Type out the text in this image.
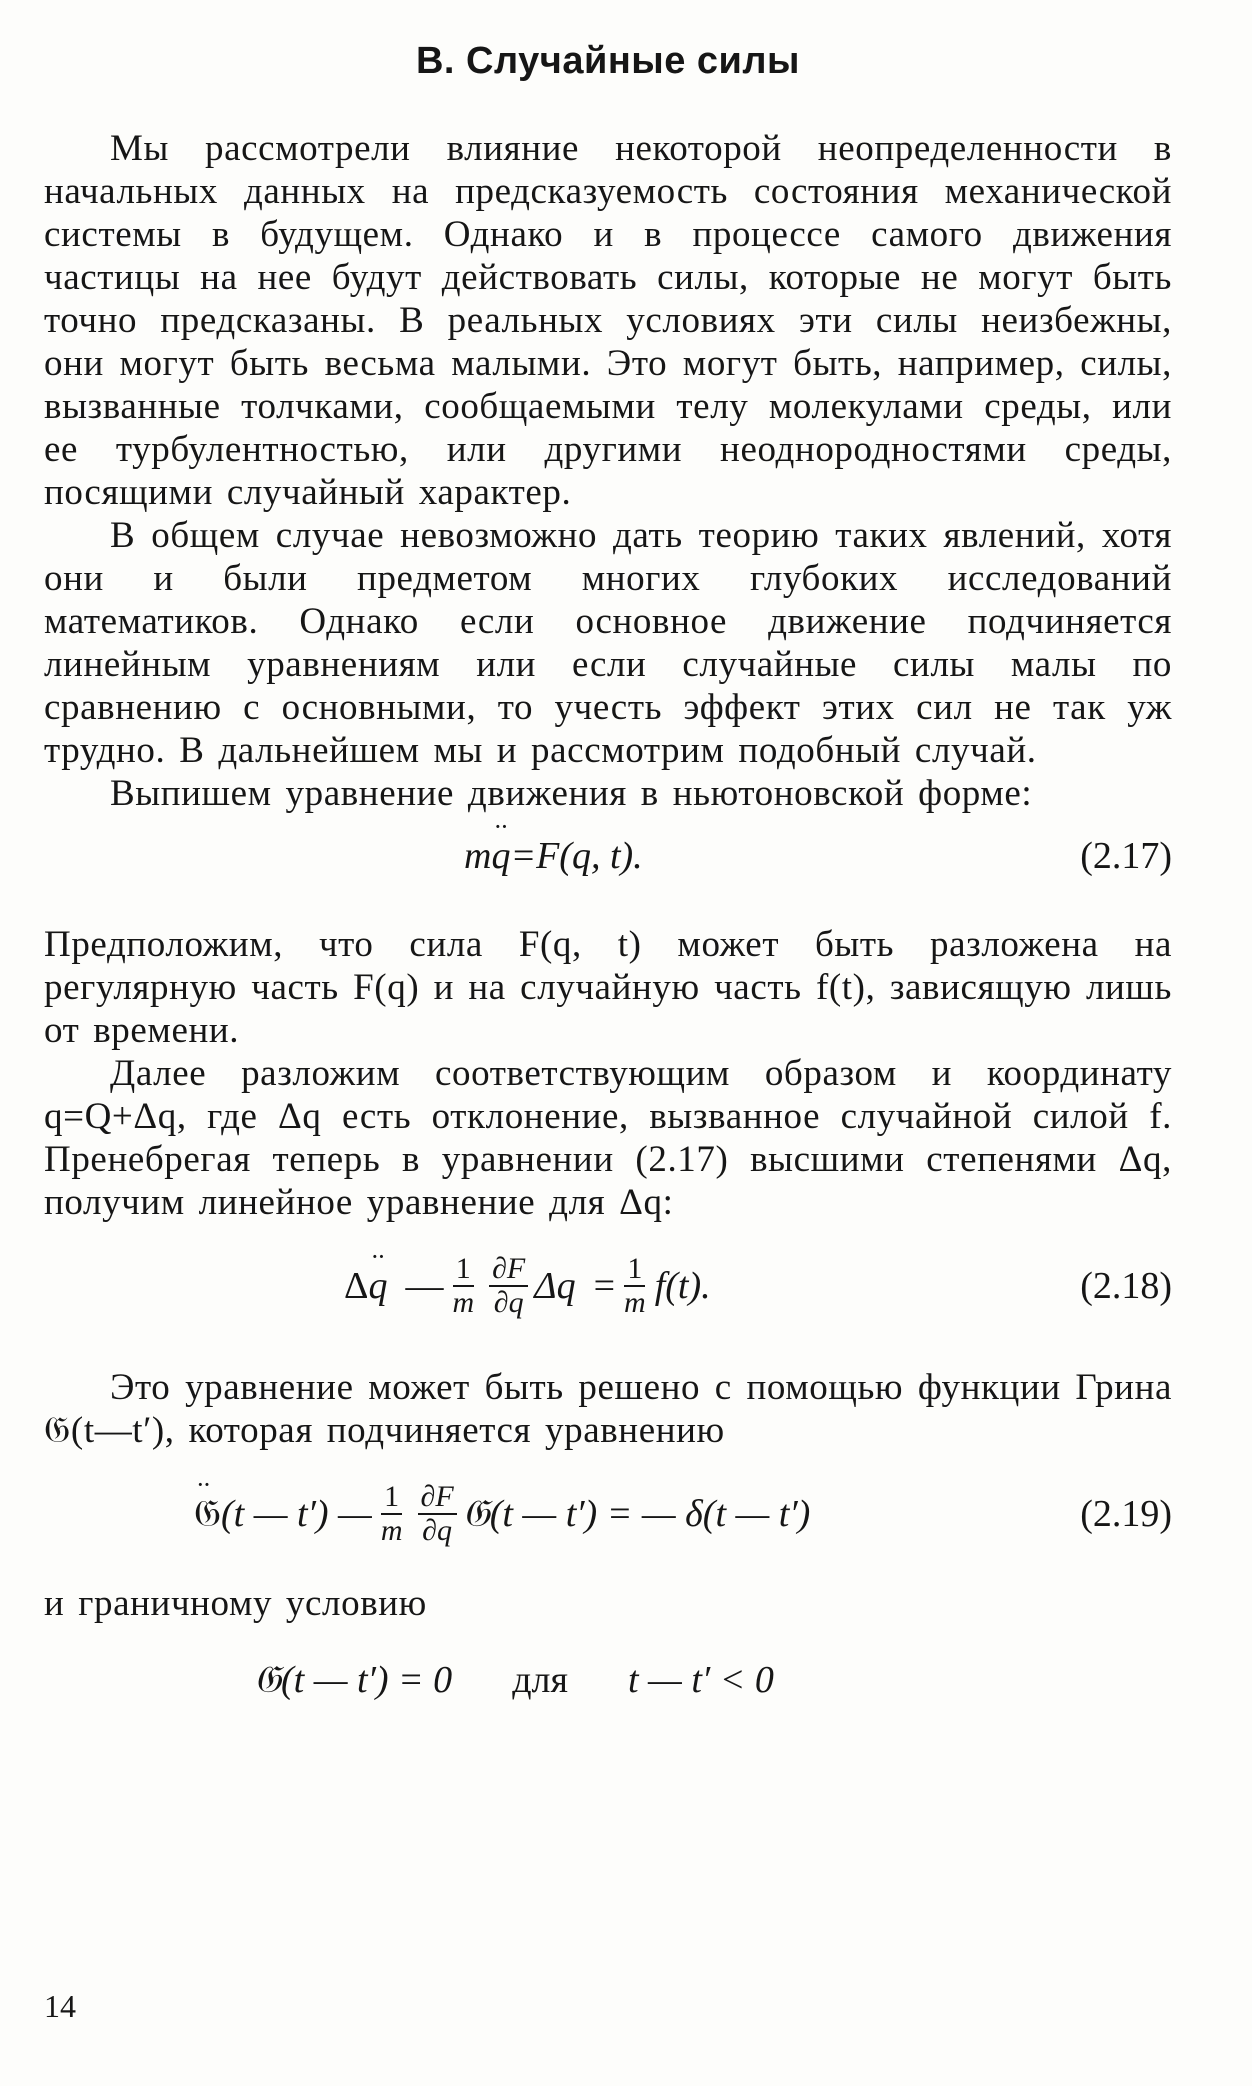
В. Случайные силы

Мы рассмотрели влияние некоторой неопределенности в начальных данных на предсказуемость состояния механической системы в будущем. Однако и в процессе самого движения частицы на нее будут действовать силы, которые не могут быть точно предсказаны. В реальных условиях эти силы неизбежны, они могут быть весьма малыми. Это могут быть, например, силы, вызванные толчками, сообщаемыми телу молекулами среды, или ее турбулентностью, или другими неоднородностями среды, посящими случайный характер.

В общем случае невозможно дать теорию таких явлений, хотя они и были предметом многих глубоких исследований математиков. Однако если основное движение подчиняется линейным уравнениям или если случайные силы малы по сравнению с основными, то учесть эффект этих сил не так уж трудно. В дальнейшем мы и рассмотрим подобный случай.

Выпишем уравнение движения в ньютоновской форме:

m ·· q =F(q, t).	(2.17)

Предположим, что сила F(q, t) может быть разложена на регулярную часть F(q) и на случайную часть f(t), зависящую лишь от времени.

Далее разложим соответствующим образом и координату q=Q+Δq, где Δq есть отклонение, вызванное случайной силой f. Пренебрегая теперь в уравнении (2.17) высшими степенями Δq, получим линейное уравнение для Δq:

Δ ·· q — $\frac{1}{m} \frac{\partial F}{\partial q}$ $\Delta q = \frac{1}{m} f(t)$.	(2.18)

Это уравнение может быть решено с помощью функции Грина 𝔊(t—t′), которая подчиняется уравнению

·· 𝔊 (t — t′) — $\frac{1}{m} \frac{\partial F}{\partial q}$ 𝔊(t — t′) = — δ(t — t′)	(2.19)

и граничному условию

𝔊(t — t′) = 0 для t — t′ < 0
14
